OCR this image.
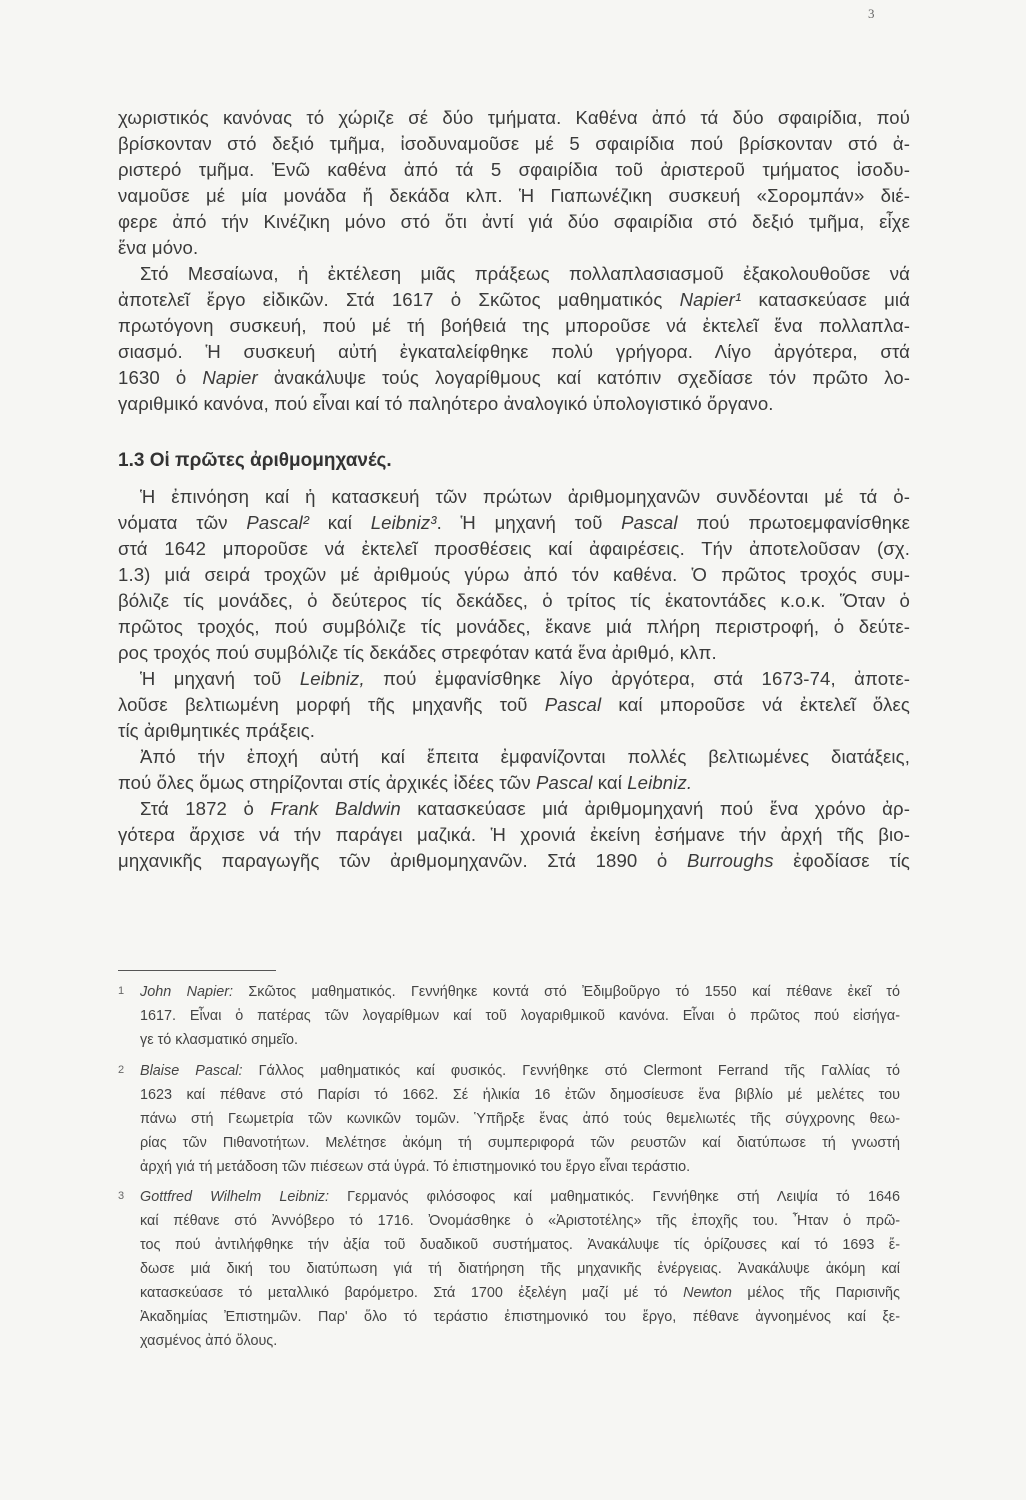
3
χωριστικός κανόνας τό χώριζε σέ δύο τμήματα. Καθένα ἀπό τά δύο σφαιρίδια, πού
βρίσκονταν στό δεξιό τμῆμα, ἰσοδυναμοῦσε μέ 5 σφαιρίδια πού βρίσκονταν στό ἀ-
ριστερό τμῆμα. Ἐνῶ καθένα ἀπό τά 5 σφαιρίδια τοῦ ἀριστεροῦ τμήματος ἰσοδυ-
ναμοῦσε μέ μία μονάδα ἤ δεκάδα κλπ. Ἡ Γιαπωνέζικη συσκευή «Σορομπάν» διέ-
φερε ἀπό τήν Κινέζικη μόνο στό ὅτι ἀντί γιά δύο σφαιρίδια στό δεξιό τμῆμα, εἶχε
ἕνα μόνο.
Στό Μεσαίωνα, ἡ ἐκτέλεση μιᾶς πράξεως πολλαπλασιασμοῦ ἐξακολουθοῦσε νά
ἀποτελεῖ ἔργο εἰδικῶν. Στά 1617 ὁ Σκῶτος μαθηματικός Napier¹ κατασκεύασε μιά
πρωτόγονη συσκευή, πού μέ τή βοήθειά της μποροῦσε νά ἐκτελεῖ ἕνα πολλαπλα-
σιασμό. Ἡ συσκευή αὐτή ἐγκαταλείφθηκε πολύ γρήγορα. Λίγο ἀργότερα, στά
1630 ὁ Napier ἀνακάλυψε τούς λογαρίθμους καί κατόπιν σχεδίασε τόν πρῶτο λο-
γαριθμικό κανόνα, πού εἶναι καί τό παληότερο ἀναλογικό ὑπολογιστικό ὄργανο.
1.3 Οἱ πρῶτες ἀριθμομηχανές.
Ἡ ἐπινόηση καί ἡ κατασκευή τῶν πρώτων ἀριθμομηχανῶν συνδέονται μέ τά ὀ-
νόματα τῶν Pascal² καί Leibniz³. Ἡ μηχανή τοῦ Pascal πού πρωτοεμφανίσθηκε
στά 1642 μποροῦσε νά ἐκτελεῖ προσθέσεις καί ἀφαιρέσεις. Τήν ἀποτελοῦσαν (σχ.
1.3) μιά σειρά τροχῶν μέ ἀριθμούς γύρω ἀπό τόν καθένα. Ὁ πρῶτος τροχός συμ-
βόλιζε τίς μονάδες, ὁ δεύτερος τίς δεκάδες, ὁ τρίτος τίς ἑκατοντάδες κ.ο.κ. Ὅταν ὁ
πρῶτος τροχός, πού συμβόλιζε τίς μονάδες, ἔκανε μιά πλήρη περιστροφή, ὁ δεύτε-
ρος τροχός πού συμβόλιζε τίς δεκάδες στρεφόταν κατά ἕνα ἀριθμό, κλπ.
Ἡ μηχανή τοῦ Leibniz, πού ἐμφανίσθηκε λίγο ἀργότερα, στά 1673-74, ἀποτε-
λοῦσε βελτιωμένη μορφή τῆς μηχανῆς τοῦ Pascal καί μποροῦσε νά ἐκτελεῖ ὅλες
τίς ἀριθμητικές πράξεις.
Ἀπό τήν ἐποχή αὐτή καί ἔπειτα ἐμφανίζονται πολλές βελτιωμένες διατάξεις,
πού ὅλες ὅμως στηρίζονται στίς ἀρχικές ἰδέες τῶν Pascal καί Leibniz.
Στά 1872 ὁ Frank Baldwin κατασκεύασε μιά ἀριθμομηχανή πού ἕνα χρόνο ἀρ-
γότερα ἄρχισε νά τήν παράγει μαζικά. Ἡ χρονιά ἐκείνη ἐσήμανε τήν ἀρχή τῆς βιο-
μηχανικῆς παραγωγῆς τῶν ἀριθμομηχανῶν. Στά 1890 ὁ Burroughs ἐφοδίασε τίς
1 John Napier: Σκῶτος μαθηματικός. Γεννήθηκε κοντά στό Ἐδιμβοῦργο τό 1550 καί πέθανε ἐκεῖ τό
1617. Εἶναι ὁ πατέρας τῶν λογαρίθμων καί τοῦ λογαριθμικοῦ κανόνα. Εἶναι ὁ πρῶτος πού εἰσήγα-
γε τό κλασματικό σημεῖο.
2 Blaise Pascal: Γάλλος μαθηματικός καί φυσικός. Γεννήθηκε στό Clermont Ferrand τῆς Γαλλίας τό
1623 καί πέθανε στό Παρίσι τό 1662. Σέ ἡλικία 16 ἐτῶν δημοσίευσε ἕνα βιβλίο μέ μελέτες του
πάνω στή Γεωμετρία τῶν κωνικῶν τομῶν. Ὑπῆρξε ἕνας ἀπό τούς θεμελιωτές τῆς σύγχρονης θεω-
ρίας τῶν Πιθανοτήτων. Μελέτησε ἀκόμη τή συμπεριφορά τῶν ρευστῶν καί διατύπωσε τή γνωστή
ἀρχή γιά τή μετάδοση τῶν πιέσεων στά ὑγρά. Τό ἐπιστημονικό του ἔργο εἶναι τεράστιο.
3 Gottfred Wilhelm Leibniz: Γερμανός φιλόσοφος καί μαθηματικός. Γεννήθηκε στή Λειψία τό 1646
καί πέθανε στό Ἀννόβερο τό 1716. Ὀνομάσθηκε ὁ «Ἀριστοτέλης» τῆς ἐποχῆς του. Ἦταν ὁ πρῶ-
τος πού ἀντιλήφθηκε τήν ἀξία τοῦ δυαδικοῦ συστήματος. Ἀνακάλυψε τίς ὁρίζουσες καί τό 1693 ἔ-
δωσε μιά δική του διατύπωση γιά τή διατήρηση τῆς μηχανικῆς ἐνέργειας. Ἀνακάλυψε ἀκόμη καί
κατασκεύασε τό μεταλλικό βαρόμετρο. Στά 1700 ἐξελέγη μαζί μέ τό Newton μέλος τῆς Παρισινῆς
Ἀκαδημίας Ἐπιστημῶν. Παρ' ὅλο τό τεράστιο ἐπιστημονικό του ἔργο, πέθανε ἀγνοημένος καί ξε-
χασμένος ἀπό ὅλους.
